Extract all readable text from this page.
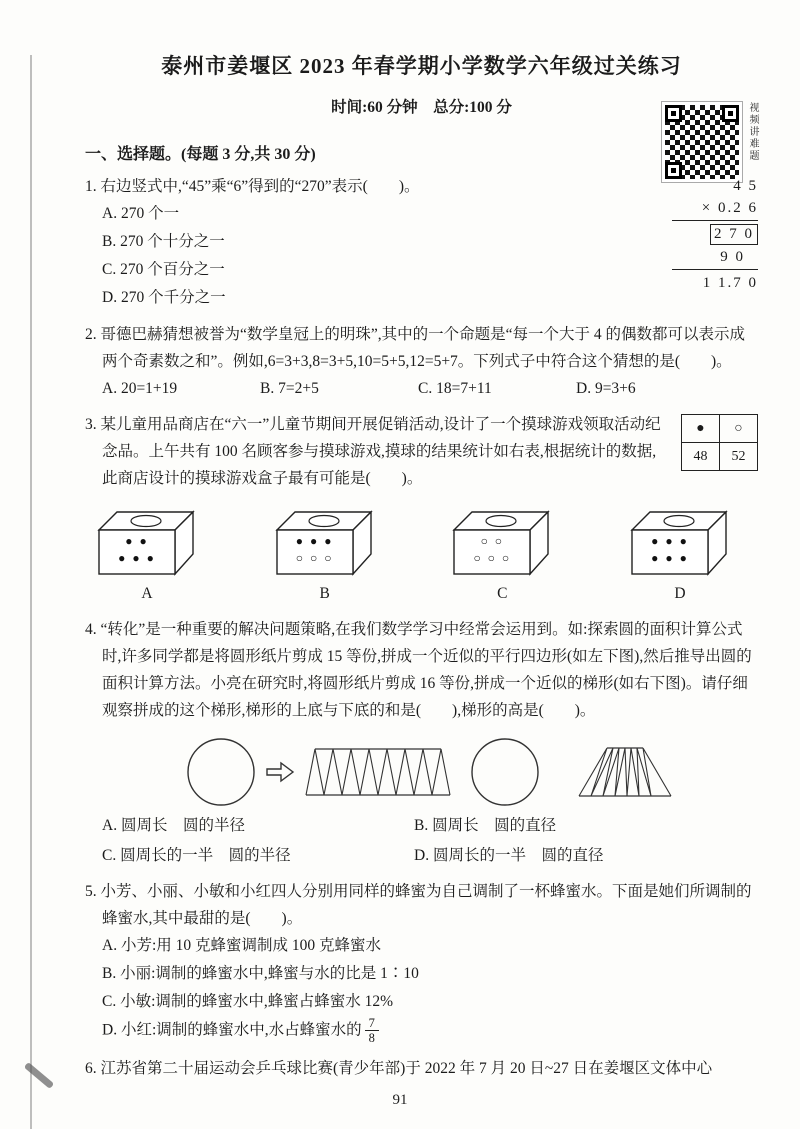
视频讲难题
泰州市姜堰区 2023 年春学期小学数学六年级过关练习
时间:60 分钟　总分:100 分
一、选择题。(每题 3 分,共 30 分)
4 5
× 0.2 6
2 7 0
9 0
1 1.7 0
1. 右边竖式中,“45”乘“6”得到的“270”表示(　　)。
A. 270 个一
B. 270 个十分之一
C. 270 个百分之一
D. 270 个千分之一
2. 哥德巴赫猜想被誉为“数学皇冠上的明珠”,其中的一个命题是“每一个大于 4 的偶数都可以表示成两个奇素数之和”。例如,6=3+3,8=3+5,10=5+5,12=5+7。下列式子中符合这个猜想的是(　　)。
A. 20=1+19	B. 7=2+5	C. 18=7+11	D. 9=3+6
●	○
48	52
3. 某儿童用品商店在“六一”儿童节期间开展促销活动,设计了一个摸球游戏领取活动纪念品。上午共有 100 名顾客参与摸球游戏,摸球的结果统计如右表,根据统计的数据,此商店设计的摸球游戏盒子最有可能是(　　)。
● ●
● ● ●
A
● ● ●
○ ○ ○
B
○ ○
○ ○ ○
C
● ● ●
● ● ●
D
4. “转化”是一种重要的解决问题策略,在我们数学学习中经常会运用到。如:探索圆的面积计算公式时,许多同学都是将圆形纸片剪成 15 等份,拼成一个近似的平行四边形(如左下图),然后推导出圆的面积计算方法。小亮在研究时,将圆形纸片剪成 16 等份,拼成一个近似的梯形(如右下图)。请仔细观察拼成的这个梯形,梯形的上底与下底的和是(　　),梯形的高是(　　)。
A. 圆周长　圆的半径	B. 圆周长　圆的直径
C. 圆周长的一半　圆的半径	D. 圆周长的一半　圆的直径
5. 小芳、小丽、小敏和小红四人分别用同样的蜂蜜为自己调制了一杯蜂蜜水。下面是她们所调制的蜂蜜水,其中最甜的是(　　)。
A. 小芳:用 10 克蜂蜜调制成 100 克蜂蜜水
B. 小丽:调制的蜂蜜水中,蜂蜜与水的比是 1∶10
C. 小敏:调制的蜂蜜水中,蜂蜜占蜂蜜水 12%
D. 小红:调制的蜂蜜水中,水占蜂蜜水的 $\frac{7}{8}$
6. 江苏省第二十届运动会乒乓球比赛(青少年部)于 2022 年 7 月 20 日~27 日在姜堰区文体中心
91
